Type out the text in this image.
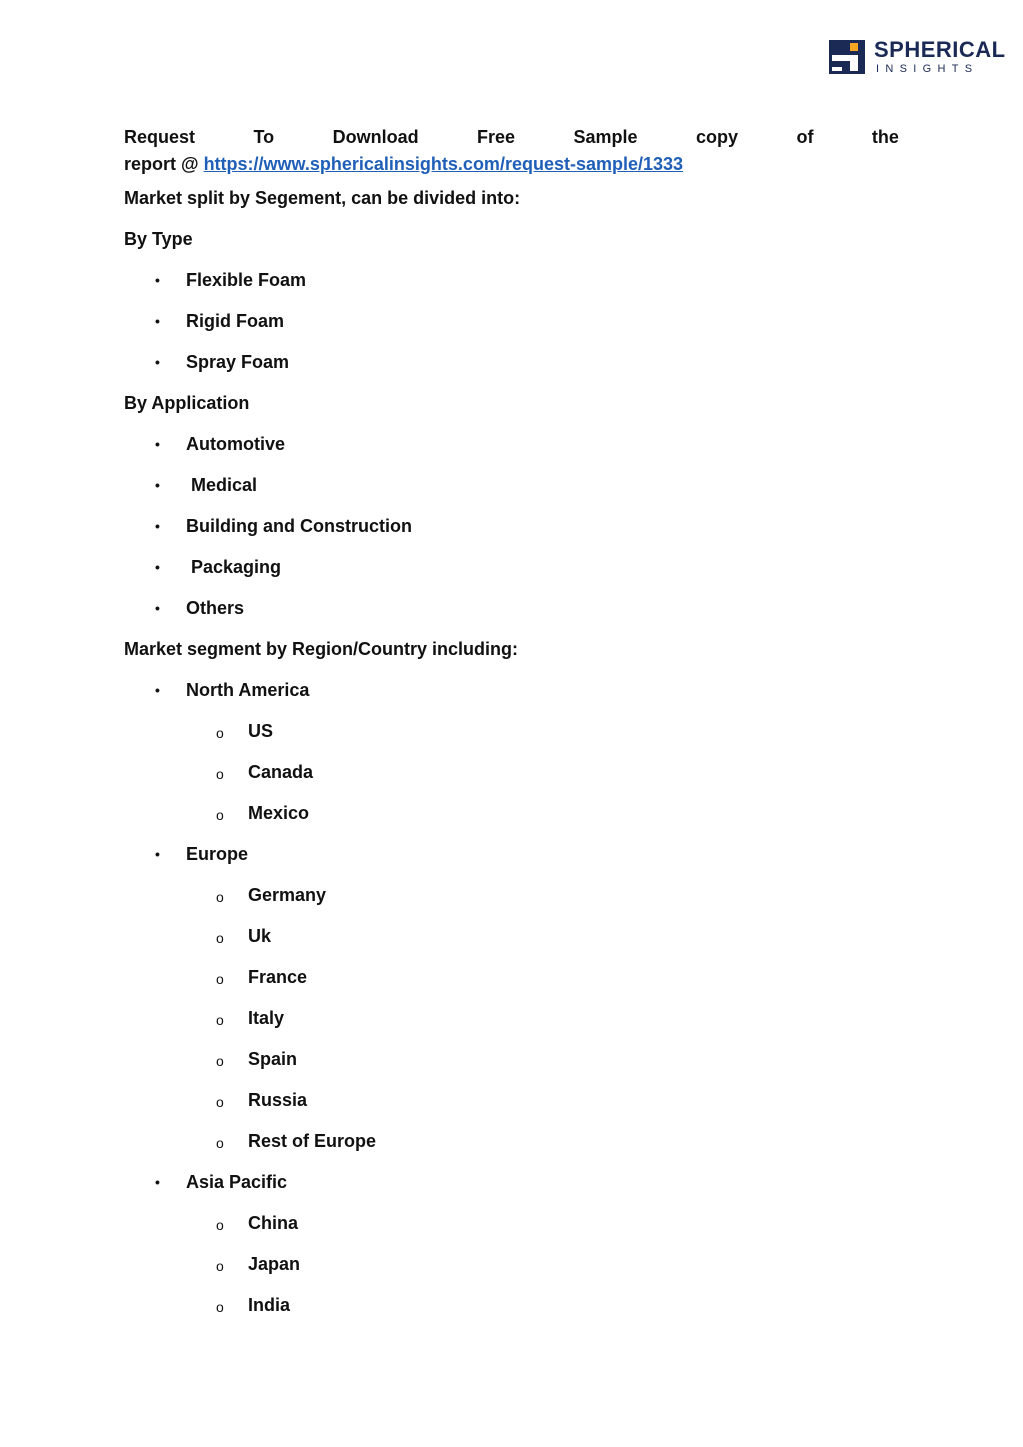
SPHERICAL
INSIGHTS
Request	To	Download	Free	Sample	copy	of	the
report @ https://www.sphericalinsights.com/request-sample/1333
Market split by Segement, can be divided into:
By Type
• Flexible Foam
• Rigid Foam
• Spray Foam
By Application
• Automotive
• Medical
• Building and Construction
• Packaging
• Others
Market segment by Region/Country including:
• North America
o US
o Canada
o Mexico
• Europe
o Germany
o Uk
o France
o Italy
o Spain
o Russia
o Rest of Europe
• Asia Pacific
o China
o Japan
o India
